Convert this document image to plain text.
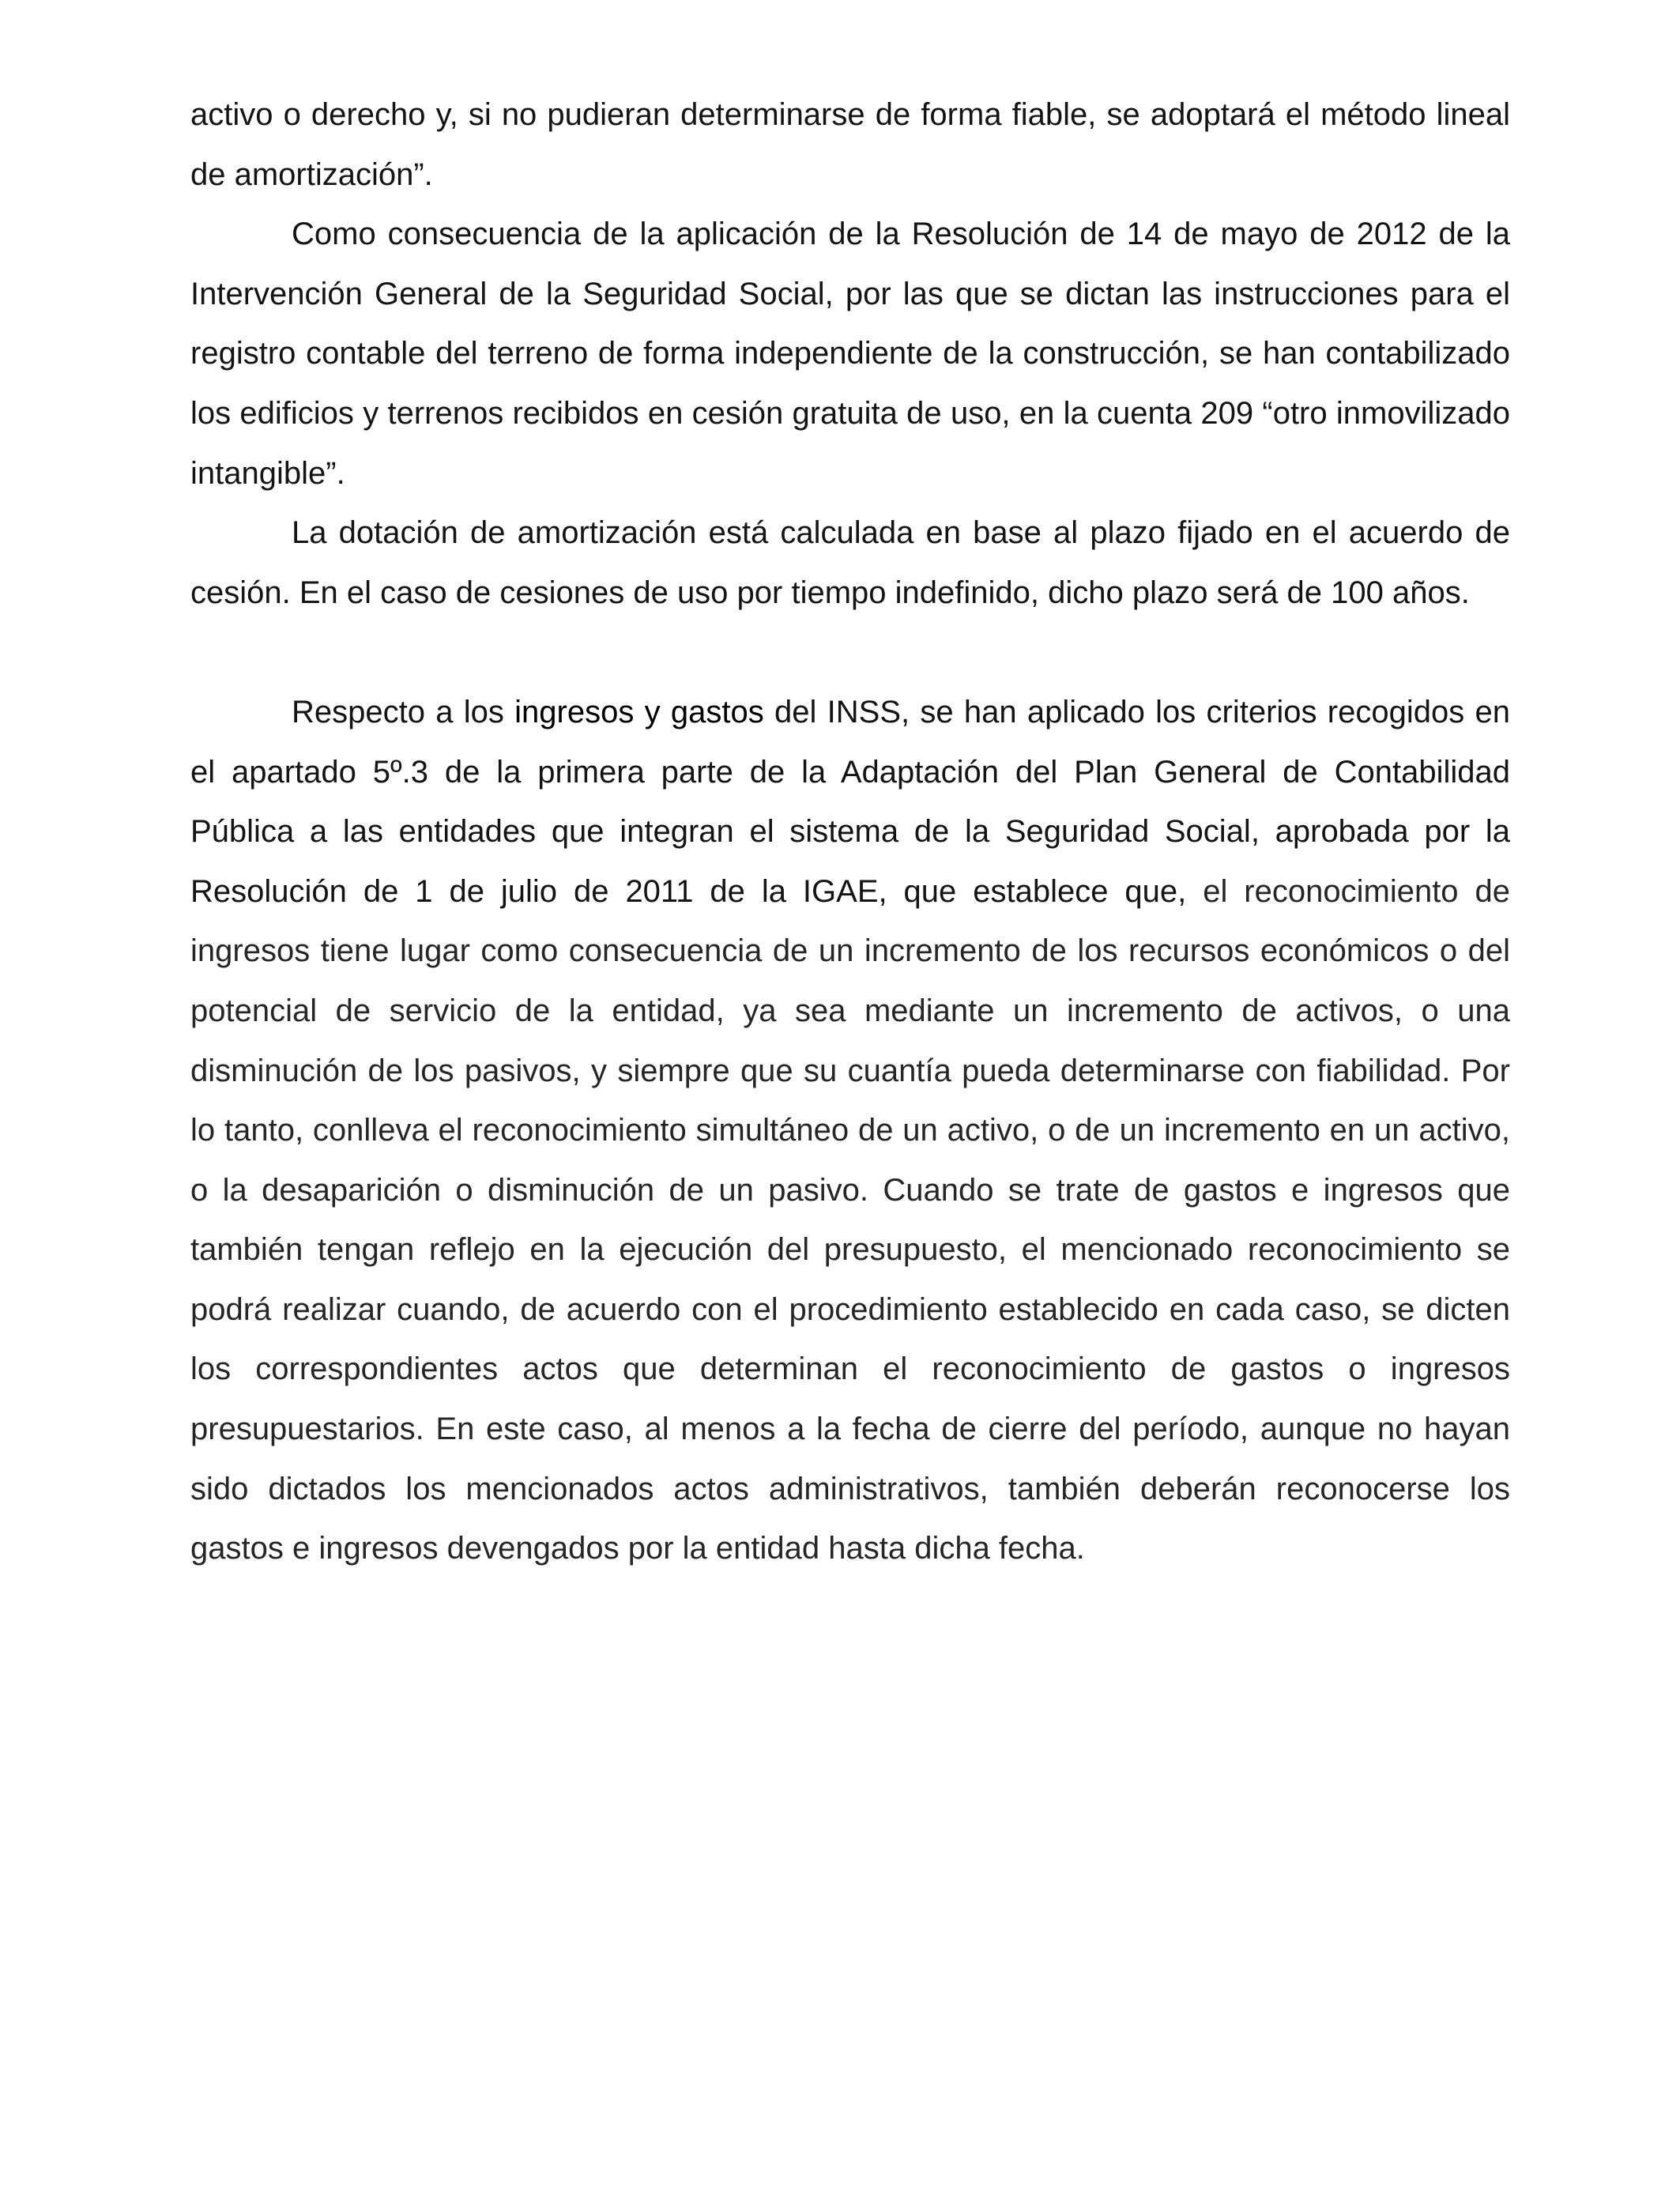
activo o derecho y, si no pudieran determinarse de forma fiable, se adoptará el método lineal de amortización”.

Como consecuencia de la aplicación de la Resolución de 14 de mayo de 2012 de la Intervención General de la Seguridad Social, por las que se dictan las instrucciones para el registro contable del terreno de forma independiente de la construcción, se han contabilizado los edificios y terrenos recibidos en cesión gratuita de uso, en la cuenta 209 “otro inmovilizado intangible”.

La dotación de amortización está calculada en base al plazo fijado en el acuerdo de cesión. En el caso de cesiones de uso por tiempo indefinido, dicho plazo será de 100 años.

Respecto a los ingresos y gastos del INSS, se han aplicado los criterios recogidos en el apartado 5º.3 de la primera parte de la Adaptación del Plan General de Contabilidad Pública a las entidades que integran el sistema de la Seguridad Social, aprobada por la Resolución de 1 de julio de 2011 de la IGAE, que establece que, el reconocimiento de ingresos tiene lugar como consecuencia de un incremento de los recursos económicos o del potencial de servicio de la entidad, ya sea mediante un incremento de activos, o una disminución de los pasivos, y siempre que su cuantía pueda determinarse con fiabilidad. Por lo tanto, conlleva el reconocimiento simultáneo de un activo, o de un incremento en un activo, o la desaparición o disminución de un pasivo. Cuando se trate de gastos e ingresos que también tengan reflejo en la ejecución del presupuesto, el mencionado reconocimiento se podrá realizar cuando, de acuerdo con el procedimiento establecido en cada caso, se dicten los correspondientes actos que determinan el reconocimiento de gastos o ingresos presupuestarios. En este caso, al menos a la fecha de cierre del período, aunque no hayan sido dictados los mencionados actos administrativos, también deberán reconocerse los gastos e ingresos devengados por la entidad hasta dicha fecha.
